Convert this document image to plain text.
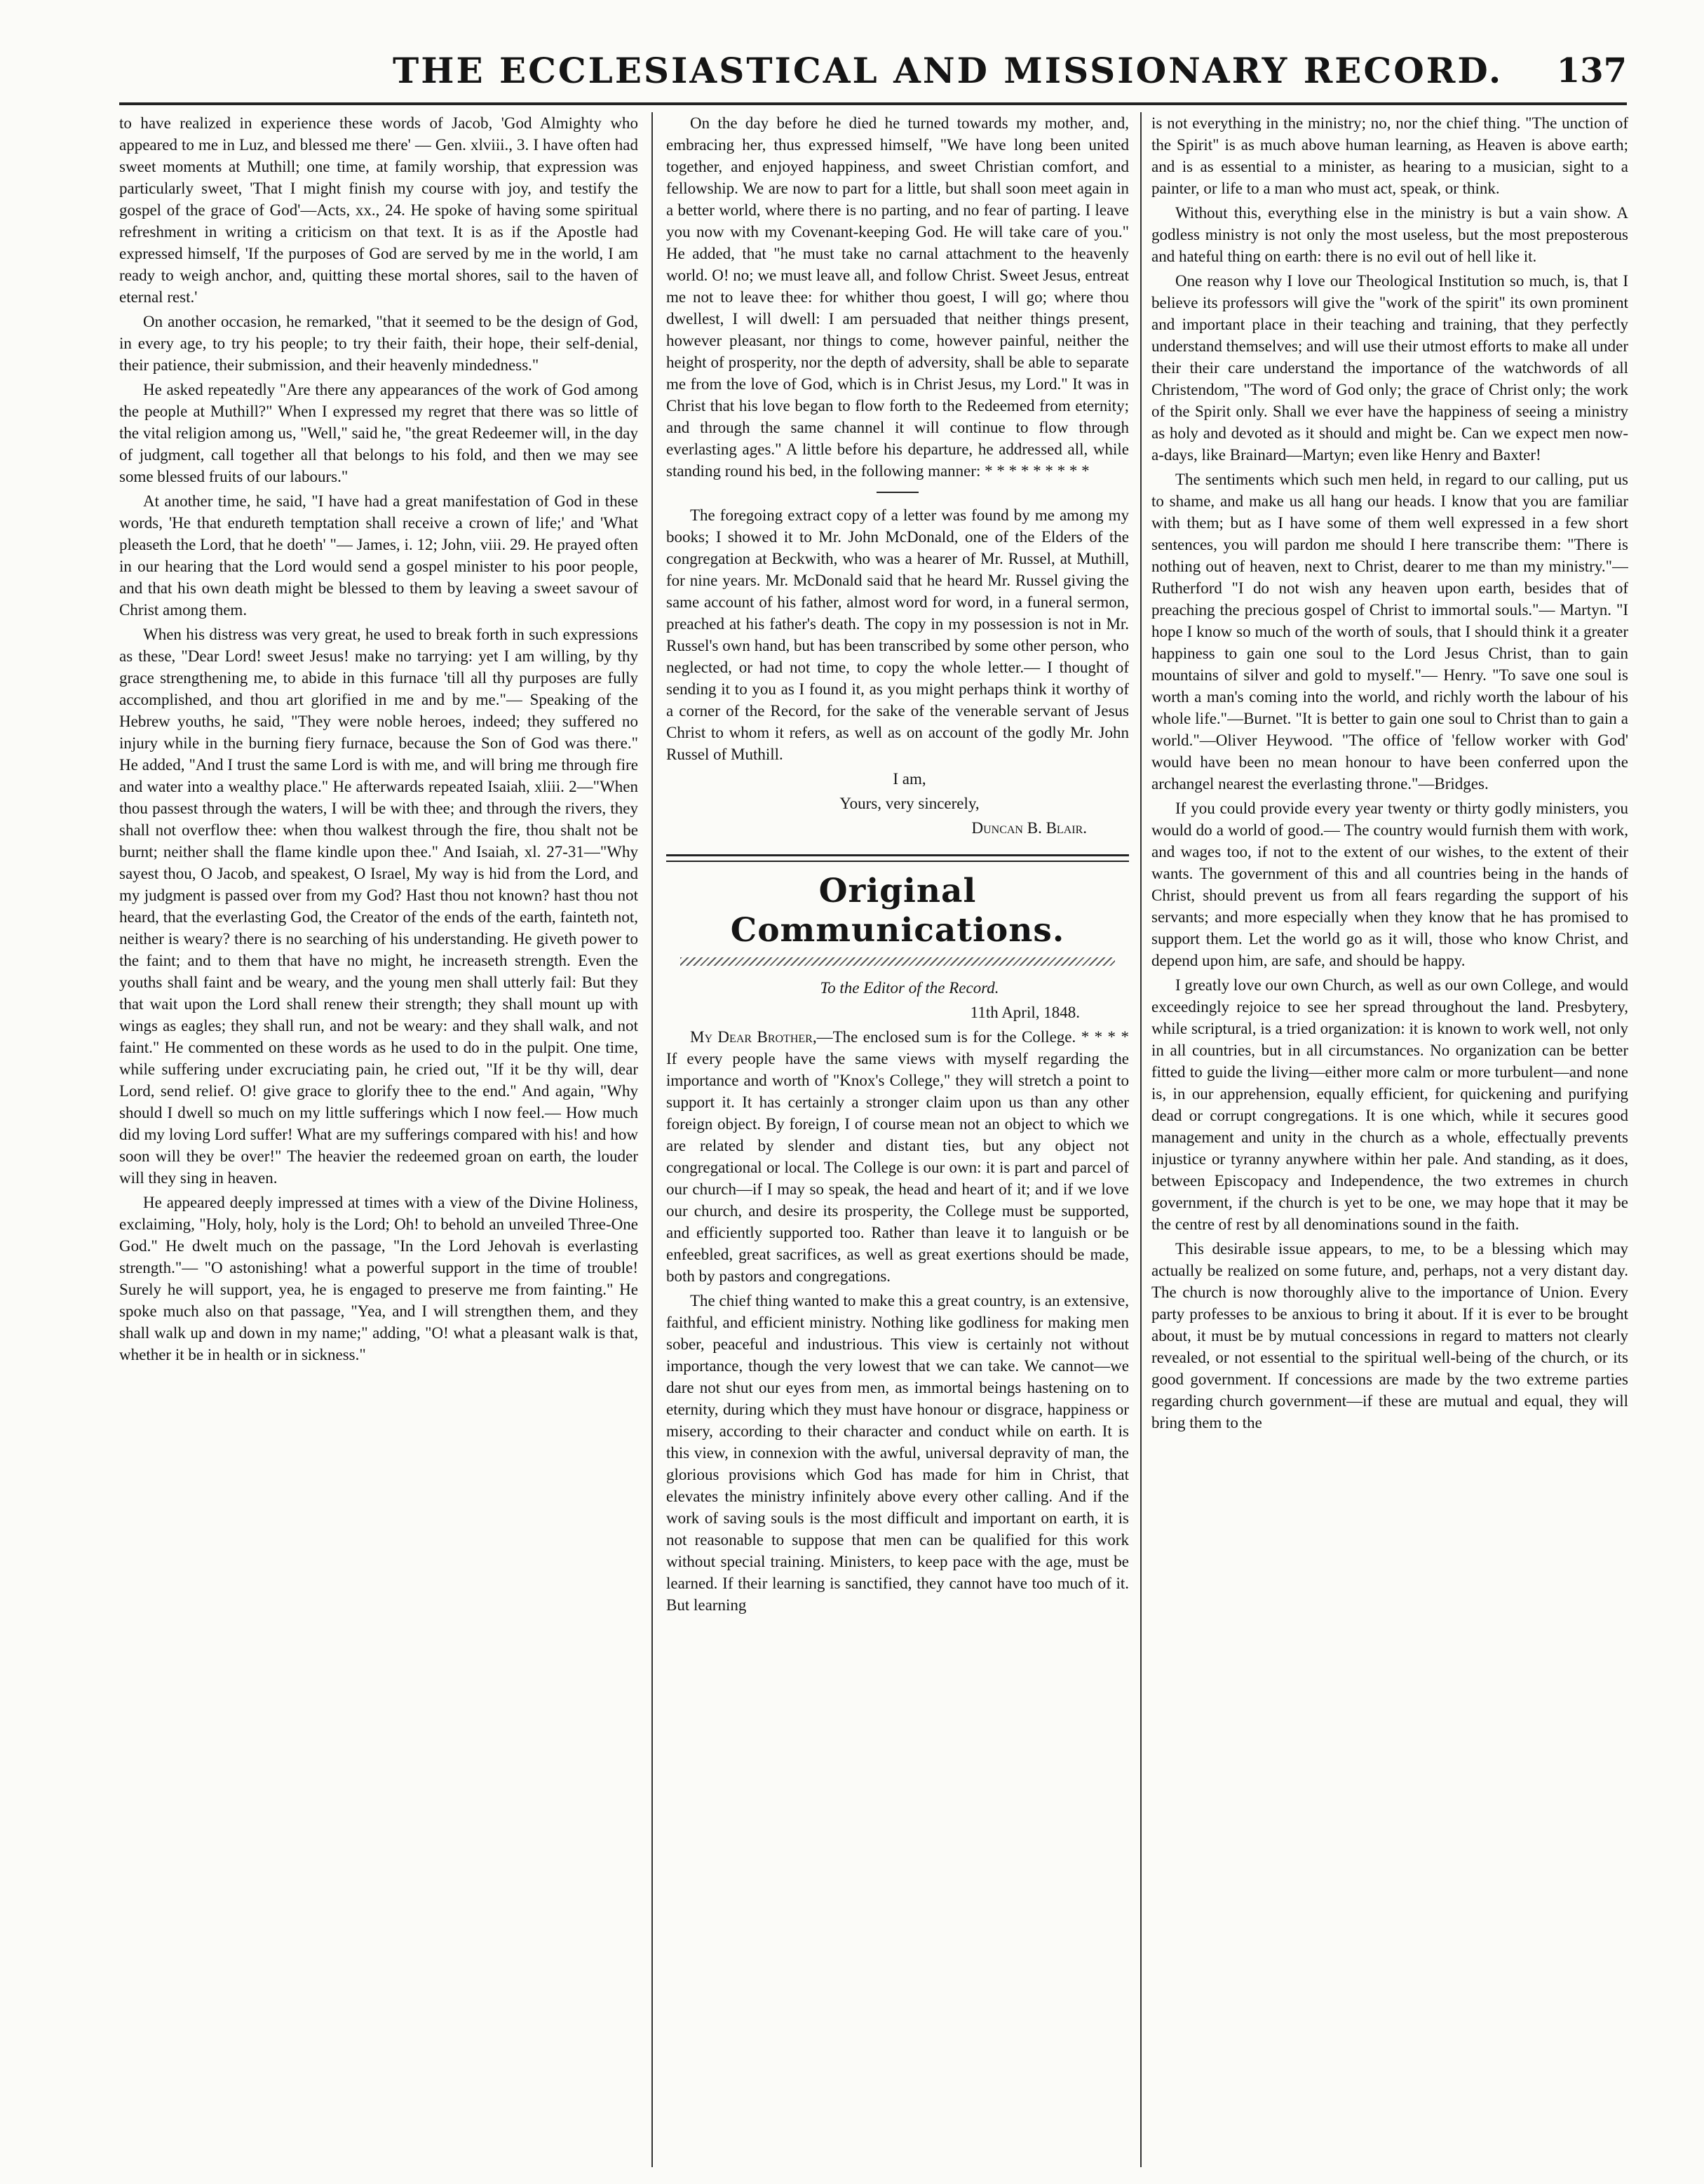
THE ECCLESIASTICAL AND MISSIONARY RECORD. 137

to have realized in experience these words of Jacob, 'God Almighty who appeared to me in Luz, and blessed me there' — Gen. xlviii., 3. I have often had sweet moments at Muthill; one time, at family worship, that expression was particularly sweet, 'That I might finish my course with joy, and testify the gospel of the grace of God'—Acts, xx., 24. He spoke of having some spiritual refreshment in writing a criticism on that text. It is as if the Apostle had expressed himself, 'If the purposes of God are served by me in the world, I am ready to weigh anchor, and, quitting these mortal shores, sail to the haven of eternal rest.'

On another occasion, he remarked, "that it seemed to be the design of God, in every age, to try his people; to try their faith, their hope, their self-denial, their patience, their submission, and their heavenly mindedness."

He asked repeatedly "Are there any appearances of the work of God among the people at Muthill?" When I expressed my regret that there was so little of the vital religion among us, "Well," said he, "the great Redeemer will, in the day of judgment, call together all that belongs to his fold, and then we may see some blessed fruits of our labours."

At another time, he said, "I have had a great manifestation of God in these words, 'He that endureth temptation shall receive a crown of life;' and 'What pleaseth the Lord, that he doeth' "— James, i. 12; John, viii. 29. He prayed often in our hearing that the Lord would send a gospel minister to his poor people, and that his own death might be blessed to them by leaving a sweet savour of Christ among them.

When his distress was very great, he used to break forth in such expressions as these, "Dear Lord! sweet Jesus! make no tarrying: yet I am willing, by thy grace strengthening me, to abide in this furnace 'till all thy purposes are fully accomplished, and thou art glorified in me and by me."— Speaking of the Hebrew youths, he said, "They were noble heroes, indeed; they suffered no injury while in the burning fiery furnace, because the Son of God was there." He added, "And I trust the same Lord is with me, and will bring me through fire and water into a wealthy place." He afterwards repeated Isaiah, xliii. 2—"When thou passest through the waters, I will be with thee; and through the rivers, they shall not overflow thee: when thou walkest through the fire, thou shalt not be burnt; neither shall the flame kindle upon thee." And Isaiah, xl. 27-31—"Why sayest thou, O Jacob, and speakest, O Israel, My way is hid from the Lord, and my judgment is passed over from my God? Hast thou not known? hast thou not heard, that the everlasting God, the Creator of the ends of the earth, fainteth not, neither is weary? there is no searching of his understanding. He giveth power to the faint; and to them that have no might, he increaseth strength. Even the youths shall faint and be weary, and the young men shall utterly fail: But they that wait upon the Lord shall renew their strength; they shall mount up with wings as eagles; they shall run, and not be weary: and they shall walk, and not faint." He commented on these words as he used to do in the pulpit. One time, while suffering under excruciating pain, he cried out, "If it be thy will, dear Lord, send relief. O! give grace to glorify thee to the end." And again, "Why should I dwell so much on my little sufferings which I now feel.— How much did my loving Lord suffer! What are my sufferings compared with his! and how soon will they be over!" The heavier the redeemed groan on earth, the louder will they sing in heaven.

He appeared deeply impressed at times with a view of the Divine Holiness, exclaiming, "Holy, holy, holy is the Lord; Oh! to behold an unveiled Three-One God." He dwelt much on the passage, "In the Lord Jehovah is everlasting strength."— "O astonishing! what a powerful support in the time of trouble! Surely he will support, yea, he is engaged to preserve me from fainting." He spoke much also on that passage, "Yea, and I will strengthen them, and they shall walk up and down in my name;" adding, "O! what a pleasant walk is that, whether it be in health or in sickness."

On the day before he died he turned towards my mother, and, embracing her, thus expressed himself, "We have long been united together, and enjoyed happiness, and sweet Christian comfort, and fellowship. We are now to part for a little, but shall soon meet again in a better world, where there is no parting, and no fear of parting. I leave you now with my Covenant-keeping God. He will take care of you." He added, that "he must take no carnal attachment to the heavenly world. O! no; we must leave all, and follow Christ. Sweet Jesus, entreat me not to leave thee: for whither thou goest, I will go; where thou dwellest, I will dwell: I am persuaded that neither things present, however pleasant, nor things to come, however painful, neither the height of prosperity, nor the depth of adversity, shall be able to separate me from the love of God, which is in Christ Jesus, my Lord." It was in Christ that his love began to flow forth to the Redeemed from eternity; and through the same channel it will continue to flow through everlasting ages." A little before his departure, he addressed all, while standing round his bed, in the following manner: * * * * * * * * *

The foregoing extract copy of a letter was found by me among my books; I showed it to Mr. John McDonald, one of the Elders of the congregation at Beckwith, who was a hearer of Mr. Russel, at Muthill, for nine years. Mr. McDonald said that he heard Mr. Russel giving the same account of his father, almost word for word, in a funeral sermon, preached at his father's death. The copy in my possession is not in Mr. Russel's own hand, but has been transcribed by some other person, who neglected, or had not time, to copy the whole letter.— I thought of sending it to you as I found it, as you might perhaps think it worthy of a corner of the Record, for the sake of the venerable servant of Jesus Christ to whom it refers, as well as on account of the godly Mr. John Russel of Muthill.

I am,

Yours, very sincerely,

Duncan B. Blair.

Original Communications.

To the Editor of the Record.

11th April, 1848.

My Dear Brother,—The enclosed sum is for the College. * * * * If every people have the same views with myself regarding the importance and worth of "Knox's College," they will stretch a point to support it. It has certainly a stronger claim upon us than any other foreign object. By foreign, I of course mean not an object to which we are related by slender and distant ties, but any object not congregational or local. The College is our own: it is part and parcel of our church—if I may so speak, the head and heart of it; and if we love our church, and desire its prosperity, the College must be supported, and efficiently supported too. Rather than leave it to languish or be enfeebled, great sacrifices, as well as great exertions should be made, both by pastors and congregations.

The chief thing wanted to make this a great country, is an extensive, faithful, and efficient ministry. Nothing like godliness for making men sober, peaceful and industrious. This view is certainly not without importance, though the very lowest that we can take. We cannot—we dare not shut our eyes from men, as immortal beings hastening on to eternity, during which they must have honour or disgrace, happiness or misery, according to their character and conduct while on earth. It is this view, in connexion with the awful, universal depravity of man, the glorious provisions which God has made for him in Christ, that elevates the ministry infinitely above every other calling. And if the work of saving souls is the most difficult and important on earth, it is not reasonable to suppose that men can be qualified for this work without special training. Ministers, to keep pace with the age, must be learned. If their learning is sanctified, they cannot have too much of it. But learning

is not everything in the ministry; no, nor the chief thing. "The unction of the Spirit" is as much above human learning, as Heaven is above earth; and is as essential to a minister, as hearing to a musician, sight to a painter, or life to a man who must act, speak, or think.

Without this, everything else in the ministry is but a vain show. A godless ministry is not only the most useless, but the most preposterous and hateful thing on earth: there is no evil out of hell like it.

One reason why I love our Theological Institution so much, is, that I believe its professors will give the "work of the spirit" its own prominent and important place in their teaching and training, that they perfectly understand themselves; and will use their utmost efforts to make all under their their care understand the importance of the watchwords of all Christendom, "The word of God only; the grace of Christ only; the work of the Spirit only. Shall we ever have the happiness of seeing a ministry as holy and devoted as it should and might be. Can we expect men now-a-days, like Brainard—Martyn; even like Henry and Baxter!

The sentiments which such men held, in regard to our calling, put us to shame, and make us all hang our heads. I know that you are familiar with them; but as I have some of them well expressed in a few short sentences, you will pardon me should I here transcribe them: "There is nothing out of heaven, next to Christ, dearer to me than my ministry."—Rutherford "I do not wish any heaven upon earth, besides that of preaching the precious gospel of Christ to immortal souls."— Martyn. "I hope I know so much of the worth of souls, that I should think it a greater happiness to gain one soul to the Lord Jesus Christ, than to gain mountains of silver and gold to myself."— Henry. "To save one soul is worth a man's coming into the world, and richly worth the labour of his whole life."—Burnet. "It is better to gain one soul to Christ than to gain a world."—Oliver Heywood. "The office of 'fellow worker with God' would have been no mean honour to have been conferred upon the archangel nearest the everlasting throne."—Bridges.

If you could provide every year twenty or thirty godly ministers, you would do a world of good.— The country would furnish them with work, and wages too, if not to the extent of our wishes, to the extent of their wants. The government of this and all countries being in the hands of Christ, should prevent us from all fears regarding the support of his servants; and more especially when they know that he has promised to support them. Let the world go as it will, those who know Christ, and depend upon him, are safe, and should be happy.

I greatly love our own Church, as well as our own College, and would exceedingly rejoice to see her spread throughout the land. Presbytery, while scriptural, is a tried organization: it is known to work well, not only in all countries, but in all circumstances. No organization can be better fitted to guide the living—either more calm or more turbulent—and none is, in our apprehension, equally efficient, for quickening and purifying dead or corrupt congregations. It is one which, while it secures good management and unity in the church as a whole, effectually prevents injustice or tyranny anywhere within her pale. And standing, as it does, between Episcopacy and Independence, the two extremes in church government, if the church is yet to be one, we may hope that it may be the centre of rest by all denominations sound in the faith.

This desirable issue appears, to me, to be a blessing which may actually be realized on some future, and, perhaps, not a very distant day. The church is now thoroughly alive to the importance of Union. Every party professes to be anxious to bring it about. If it is ever to be brought about, it must be by mutual concessions in regard to matters not clearly revealed, or not essential to the spiritual well-being of the church, or its good government. If concessions are made by the two extreme parties regarding church government—if these are mutual and equal, they will bring them to the
